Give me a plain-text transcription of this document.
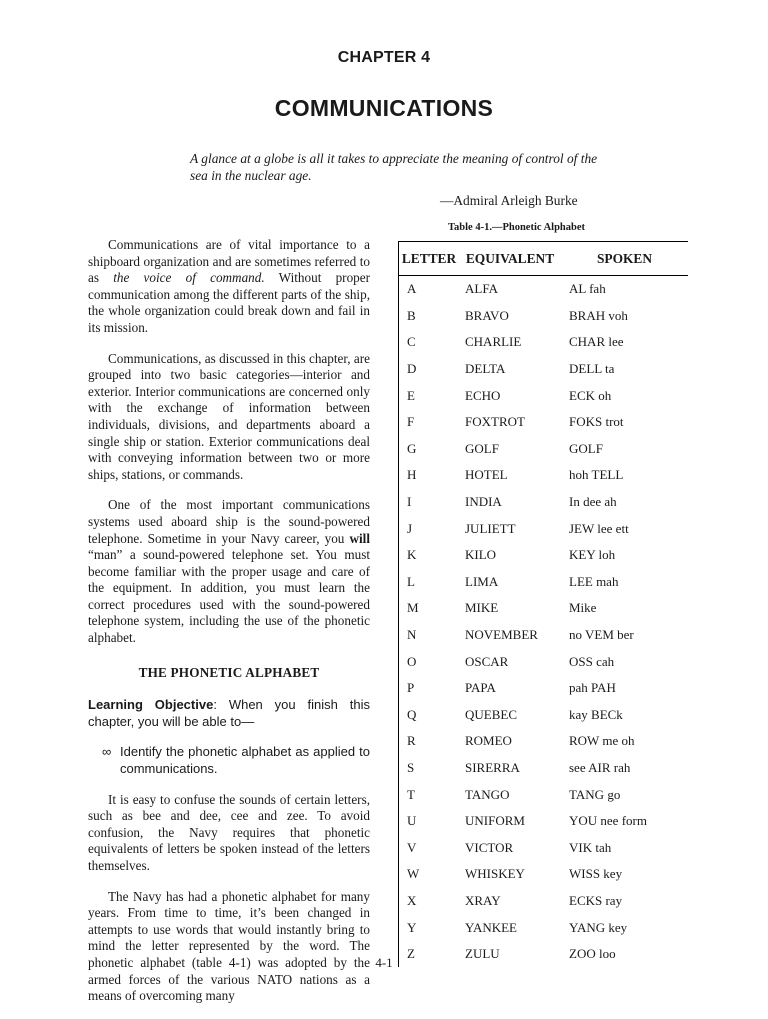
CHAPTER 4
COMMUNICATIONS
A glance at a globe is all it takes to appreciate the meaning of control of the sea in the nuclear age.
—Admiral Arleigh Burke

Communications are of vital importance to a shipboard organization and are sometimes referred to as the voice of command. Without proper communication among the different parts of the ship, the whole organization could break down and fail in its mission.

Communications, as discussed in this chapter, are grouped into two basic categories—interior and exterior. Interior communications are concerned only with the exchange of information between individuals, divisions, and departments aboard a single ship or station. Exterior communications deal with conveying information between two or more ships, stations, or commands.

One of the most important communications systems used aboard ship is the sound-powered telephone. Sometime in your Navy career, you will “man” a sound-powered telephone set. You must become familiar with the proper usage and care of the equipment. In addition, you must learn the correct procedures used with the sound-powered telephone system, including the use of the phonetic alphabet.

THE PHONETIC ALPHABET

Learning Objective: When you finish this chapter, you will be able to—

∞ Identify the phonetic alphabet as applied to communications.

It is easy to confuse the sounds of certain letters, such as bee and dee, cee and zee. To avoid confusion, the Navy requires that phonetic equivalents of letters be spoken instead of the letters themselves.

The Navy has had a phonetic alphabet for many years. From time to time, it’s been changed in attempts to use words that would instantly bring to mind the letter represented by the word. The phonetic alphabet (table 4-1) was adopted by the armed forces of the various NATO nations as a means of overcoming many

Table 4-1.—Phonetic Alphabet
LETTER	EQUIVALENT	SPOKEN
A	ALFA	AL fah
B	BRAVO	BRAH voh
C	CHARLIE	CHAR lee
D	DELTA	DELL ta
E	ECHO	ECK oh
F	FOXTROT	FOKS trot
G	GOLF	GOLF
H	HOTEL	hoh TELL
I	INDIA	In dee ah
J	JULIETT	JEW lee ett
K	KILO	KEY loh
L	LIMA	LEE mah
M	MIKE	Mike
N	NOVEMBER	no VEM ber
O	OSCAR	OSS cah
P	PAPA	pah PAH
Q	QUEBEC	kay BECk
R	ROMEO	ROW me oh
S	SIRERRA	see AIR rah
T	TANGO	TANG go
U	UNIFORM	YOU nee form
V	VICTOR	VIK tah
W	WHISKEY	WISS key
X	XRAY	ECKS ray
Y	YANKEE	YANG key
Z	ZULU	ZOO loo
4-1
